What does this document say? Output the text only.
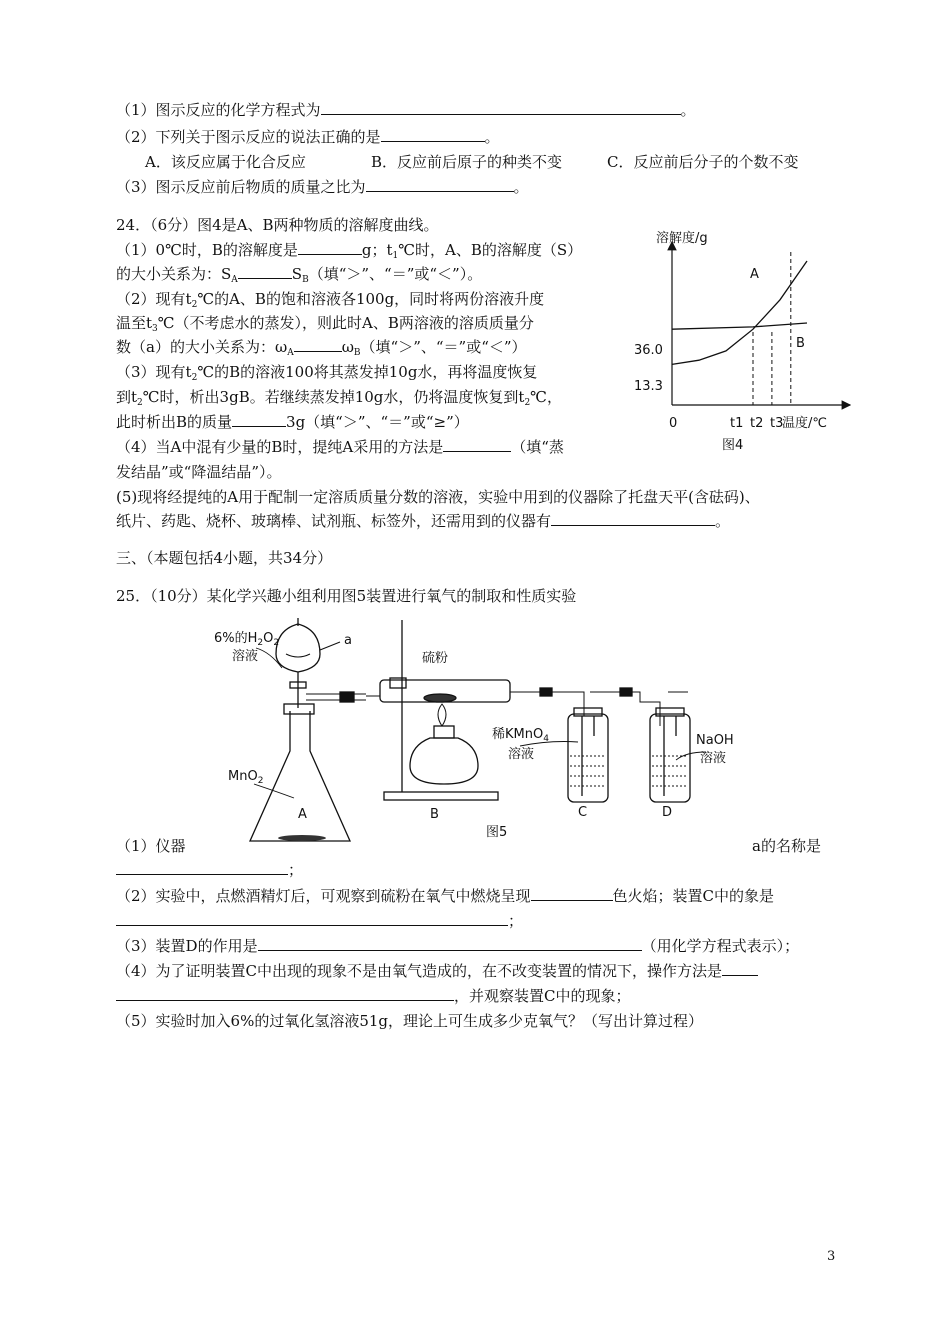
（1）图示反应的化学方程式为	。
（2）下列关于图示反应的说法正确的是	。
A．该反应属于化合反应	B．反应前后原子的种类不变	C．反应前后分子的个数不变
（3）图示反应前后物质的质量之比为	。
24．（6分）图4是A、B两种物质的溶解度曲线。
（1）0℃时，B的溶解度是	g；$t_1℃$时，A、B的溶解度（S）
的大小关系为：$S_A$	$S_B$（填“＞”、“＝”或“＜”）。
（2）现有$t_2℃$的A、B的饱和溶液各100g，同时将两份溶液升度
温至$t_3℃$（不考虑水的蒸发），则此时A、B两溶液的溶质质量分
数（a）的大小关系为：$\omega_A$	$\omega_B$（填“＞”、“＝”或“＜”）
（3）现有$t_2℃$的B的溶液100将其蒸发掉10g水，再将温度恢复
到$t_2℃$时，析出3gB。若继续蒸发掉10g水，仍将温度恢复到$t_2℃$，
此时析出B的质量	3g（填“＞”、“＝”或“≥”）
（4）当A中混有少量的B时，提纯A采用的方法是	（填“蒸
发结晶”或“降温结晶”）。
(5)现将经提纯的A用于配制一定溶质质量分数的溶液，实验中用到的仪器除了托盘天平(含砝码)、
纸片、药匙、烧杯、玻璃棒、试剂瓶、标签外，还需用到的仪器有	。
溶解度/g
温度/℃
0
图4
36.0
13.3
t1 t2 t3
A
B
三、（本题包括4小题，共34分）
25．（10分）某化学兴趣小组利用图5装置进行氧气的制取和性质实验
6%的$H_2O_2$
溶液
a
硫粉
MnO$_2$
稀KMnO$_4$
溶液
NaOH
溶液
A	B	C	D
图5
（1）仪器	a的名称是
；
（2）实验中，点燃酒精灯后，可观察到硫粉在氧气中燃烧呈现	色火焰；装置C中的象是
；
（3）装置D的作用是	（用化学方程式表示）；
（4）为了证明装置C中出现的现象不是由氧气造成的，在不改变装置的情况下，操作方法是
，并观察装置C中的现象；
（5）实验时加入6%的过氧化氢溶液51g，理论上可生成多少克氧气？（写出计算过程）
3
